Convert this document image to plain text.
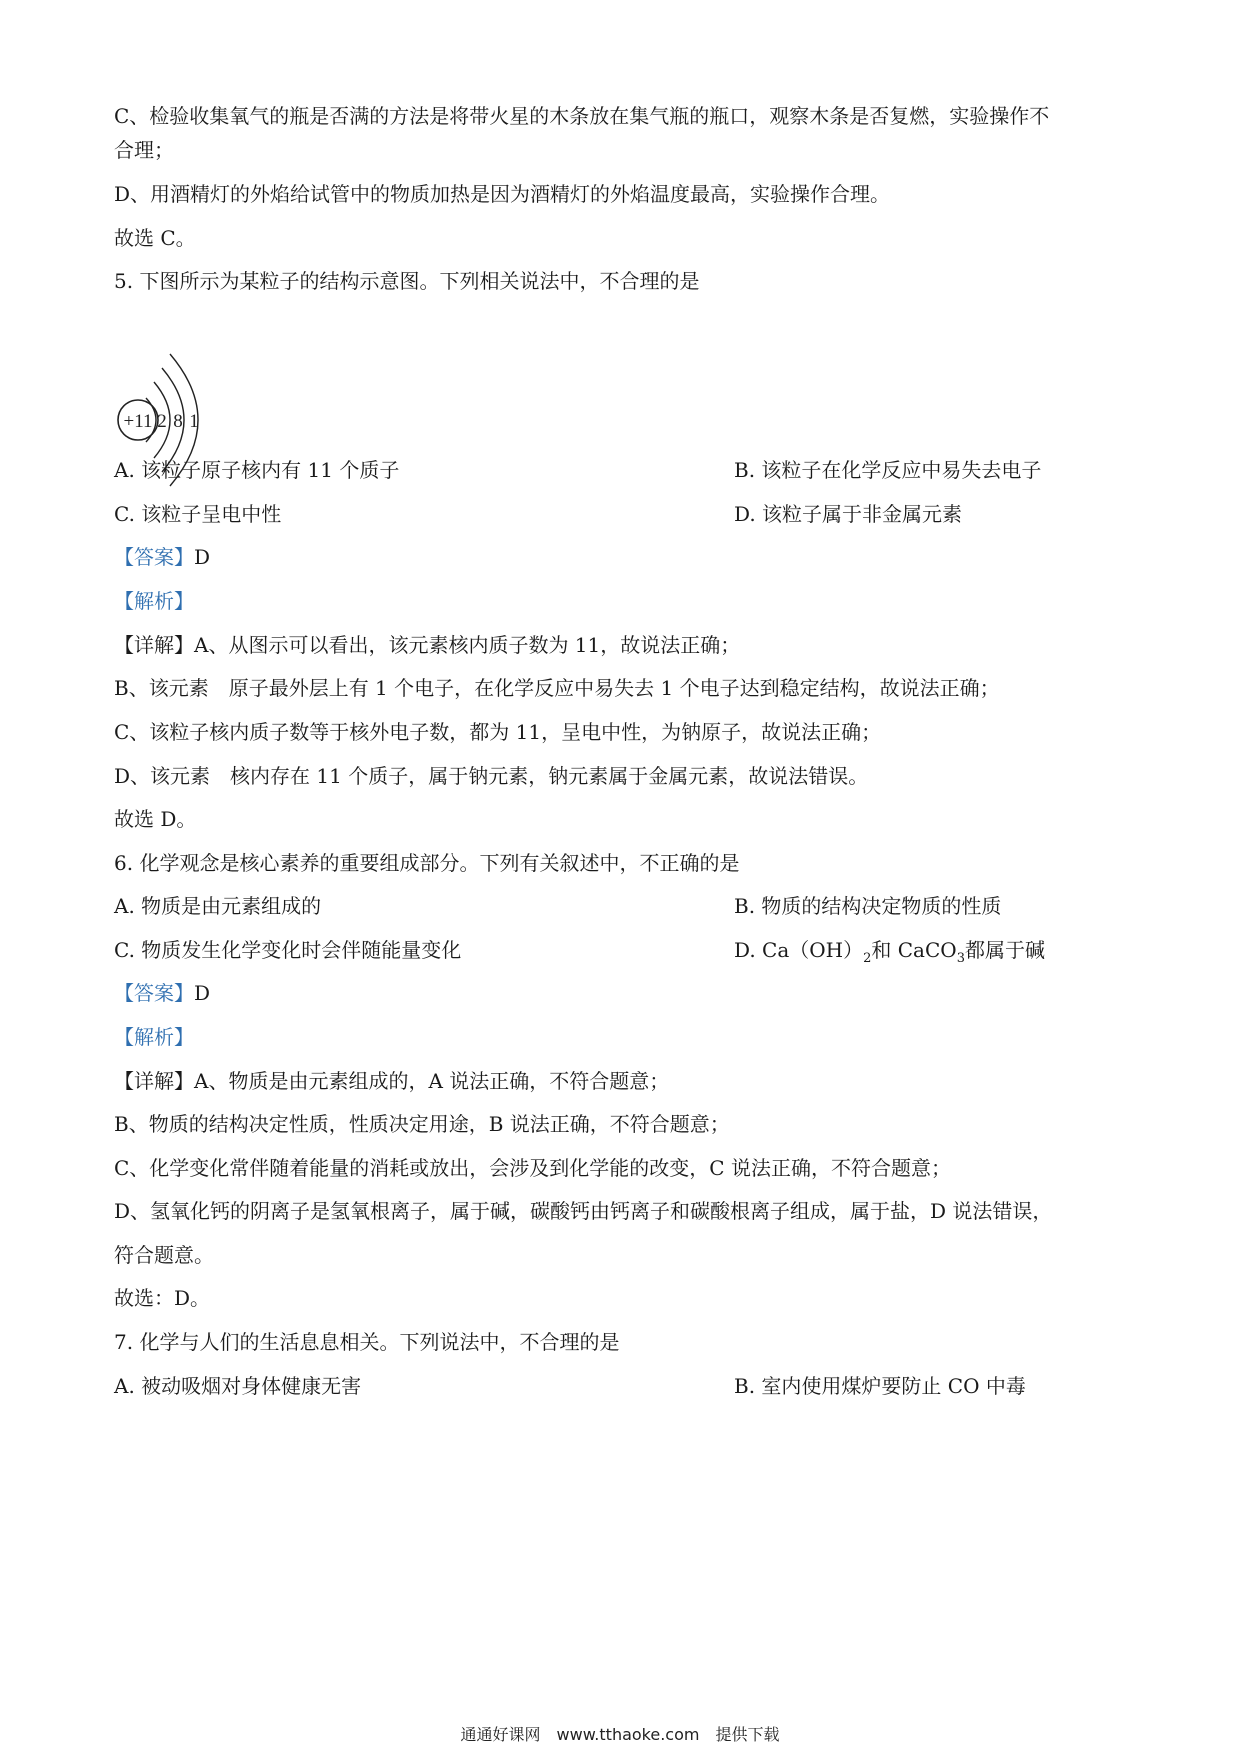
C、检验收集氧气的瓶是否满的方法是将带火星的木条放在集气瓶的瓶口，观察木条是否复燃，实验操作不
合理；
D、用酒精灯的外焰给试管中的物质加热是因为酒精灯的外焰温度最高，实验操作合理。
故选 C。
5. 下图所示为某粒子的结构示意图。下列相关说法中，不合理的是
+11 2 8 1
A. 该粒子原子核内有 11 个质子	B. 该粒子在化学反应中易失去电子
C. 该粒子呈电中性	D. 该粒子属于非金属元素
【答案】D
【解析】
【详解】A、从图示可以看出，该元素核内质子数为 11，故说法正确；
B、该元素　原子最外层上有 1 个电子，在化学反应中易失去 1 个电子达到稳定结构，故说法正确；
C、该粒子核内质子数等于核外电子数，都为 11，呈电中性，为钠原子，故说法正确；
D、该元素　核内存在 11 个质子，属于钠元素，钠元素属于金属元素，故说法错误。
故选 D。
6. 化学观念是核心素养的重要组成部分。下列有关叙述中，不正确的是
A. 物质是由元素组成的	B. 物质的结构决定物质的性质
C. 物质发生化学变化时会伴随能量变化	D. $Ca(OH)_2$和 CaCO$_3$都属于碱
【答案】D
【解析】
【详解】A、物质是由元素组成的，A 说法正确，不符合题意；
B、物质的结构决定性质，性质决定用途，B 说法正确，不符合题意；
C、化学变化常伴随着能量的消耗或放出，会涉及到化学能的改变，C 说法正确，不符合题意；
D、氢氧化钙的阴离子是氢氧根离子，属于碱，碳酸钙由钙离子和碳酸根离子组成，属于盐，D 说法错误，
符合题意。
故选：D。
7. 化学与人们的生活息息相关。下列说法中，不合理的是
A. 被动吸烟对身体健康无害	B. 室内使用煤炉要防止 CO 中毒
通通好课网　www.tthaoke.com　提供下载
